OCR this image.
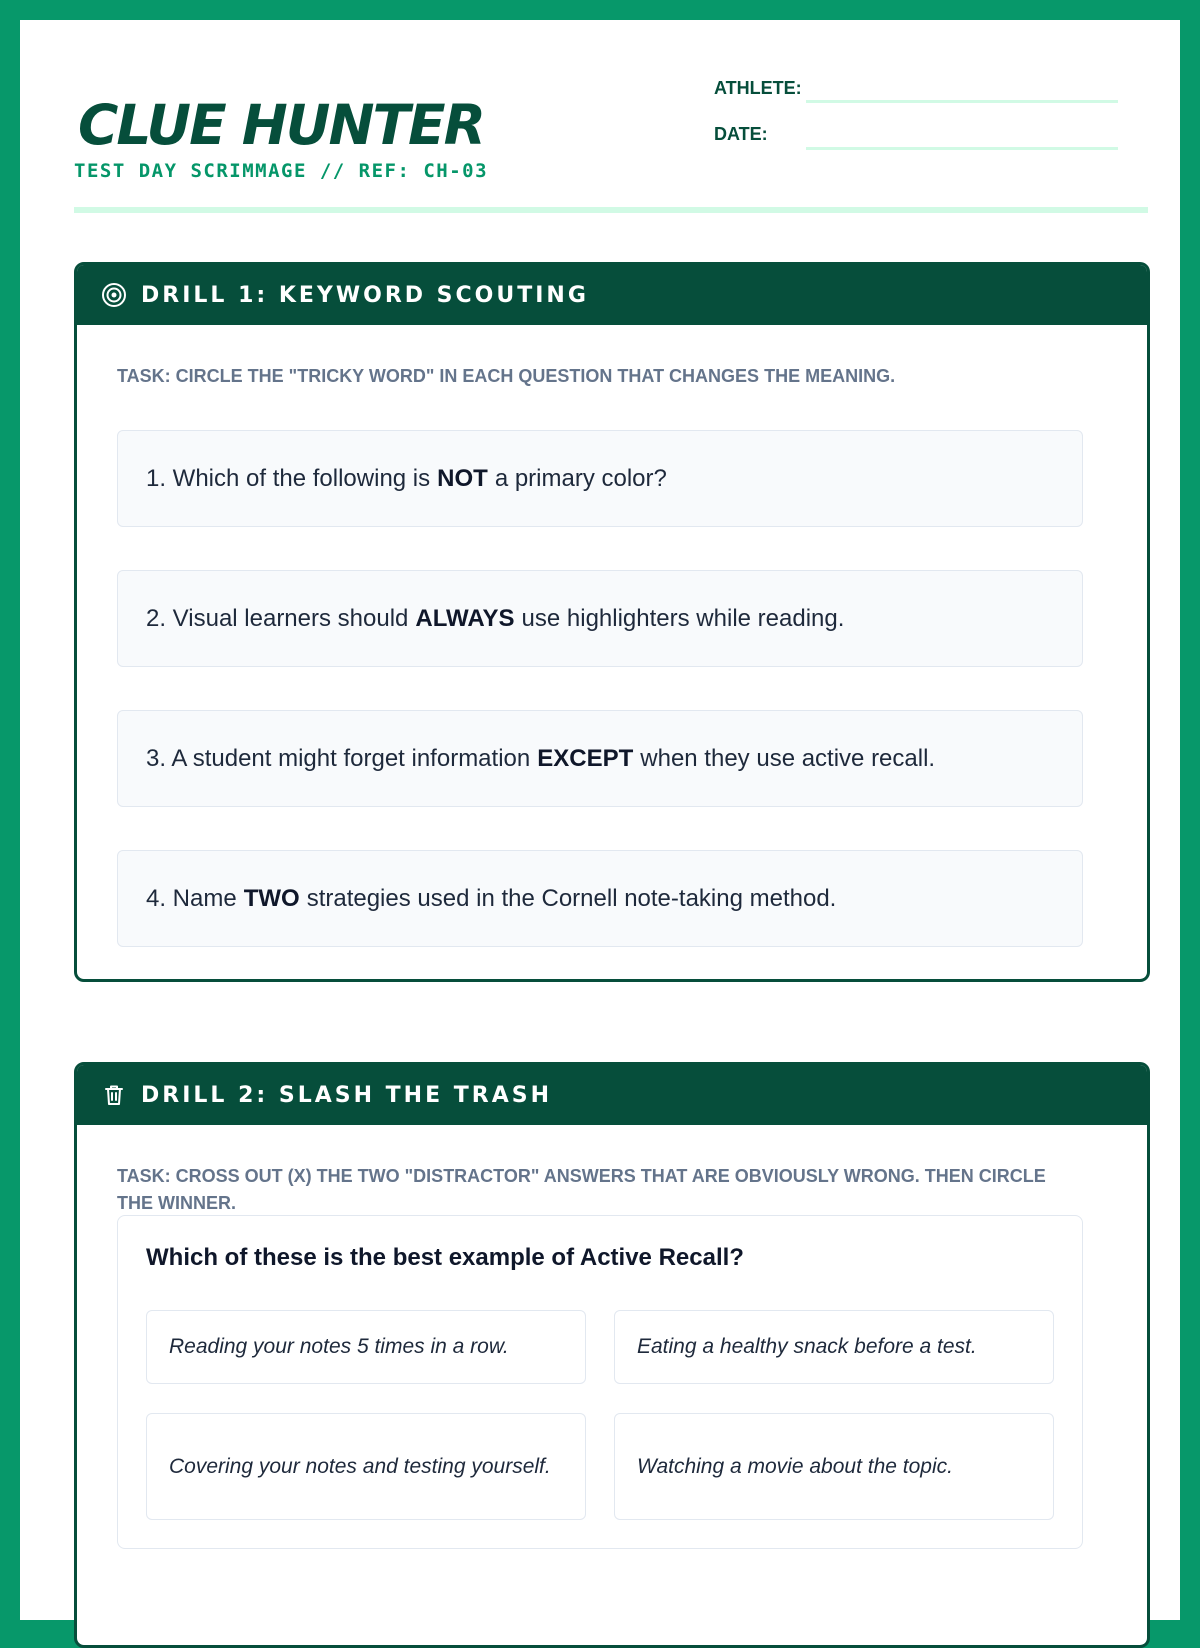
CLUE HUNTER
TEST DAY SCRIMMAGE // REF: CH-03
ATHLETE:
DATE:
DRILL 1: KEYWORD SCOUTING
TASK: CIRCLE THE "TRICKY WORD" IN EACH QUESTION THAT CHANGES THE MEANING.
1. Which of the following is NOT a primary color?
2. Visual learners should ALWAYS use highlighters while reading.
3. A student might forget information EXCEPT when they use active recall.
4. Name TWO strategies used in the Cornell note-taking method.
DRILL 2: SLASH THE TRASH
TASK: CROSS OUT (X) THE TWO "DISTRACTOR" ANSWERS THAT ARE OBVIOUSLY WRONG. THEN CIRCLE THE WINNER.
Which of these is the best example of Active Recall?
Reading your notes 5 times in a row.	Eating a healthy snack before a test.
Covering your notes and testing yourself.	Watching a movie about the topic.
